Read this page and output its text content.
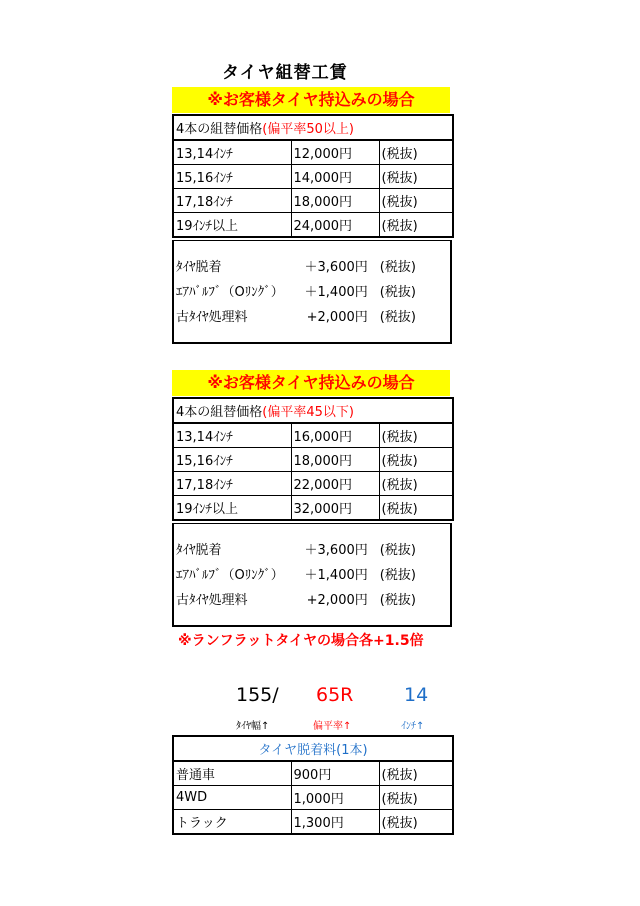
タイヤ組替工賃
※お客様タイヤ持込みの場合
4本の組替価格(偏平率50以上)		
13,14ｲﾝﾁ	12,000円	(税抜)
15,16ｲﾝﾁ	14,000円	(税抜)
17,18ｲﾝﾁ	18,000円	(税抜)
19ｲﾝﾁ以上	24,000円	(税抜)
ﾀｲﾔ脱着	＋3,600円 (税抜)
ｴｱﾊﾞﾙﾌﾞ（Oﾘﾝｸﾞ）	＋1,400円 (税抜)
古ﾀｲﾔ処理料	+2,000円 (税抜)
※お客様タイヤ持込みの場合
4本の組替価格(偏平率45以下)		
13,14ｲﾝﾁ	16,000円	(税抜)
15,16ｲﾝﾁ	18,000円	(税抜)
17,18ｲﾝﾁ	22,000円	(税抜)
19ｲﾝﾁ以上	32,000円	(税抜)
ﾀｲﾔ脱着	＋3,600円 (税抜)
ｴｱﾊﾞﾙﾌﾞ（Oﾘﾝｸﾞ）	＋1,400円 (税抜)
古ﾀｲﾔ処理料	+2,000円 (税抜)
※ランフラットタイヤの場合各+1.5倍
155/ 65R	14
ﾀｲﾔ幅↑	偏平率↑	ｲﾝﾁ↑
タイヤ脱着料(1本)		
普通車	900円	(税抜)
4WD	1,000円	(税抜)
トラック	1,300円	(税抜)
